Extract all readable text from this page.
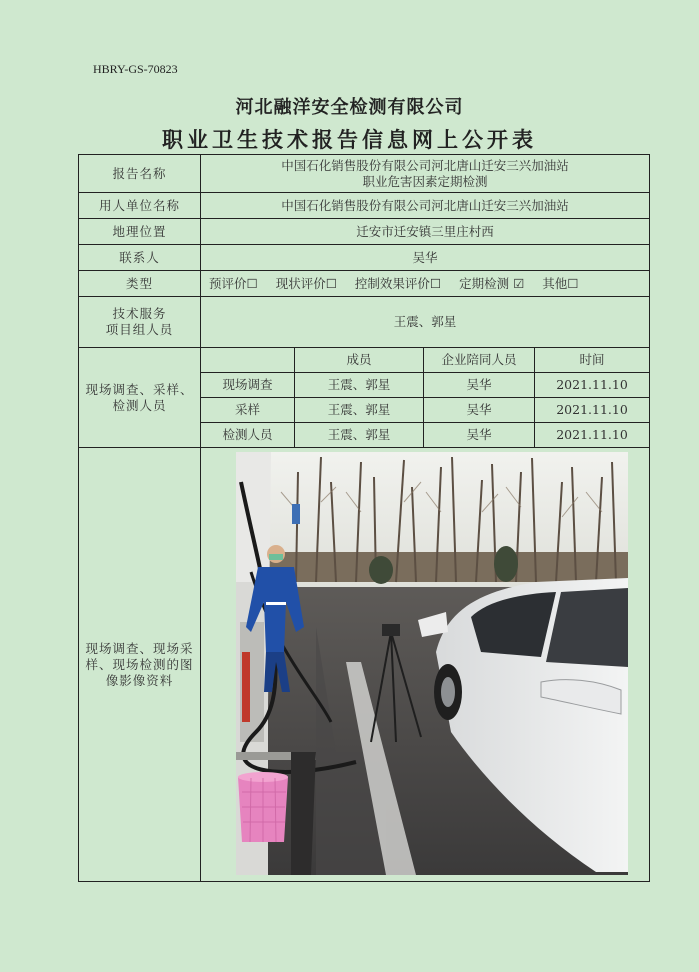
HBRY-GS-70823
河北融洋安全检测有限公司
职业卫生技术报告信息网上公开表
报告名称	中国石化销售股份有限公司河北唐山迁安三兴加油站
职业危害因素定期检测			

用人单位名称	中国石化销售股份有限公司河北唐山迁安三兴加油站			
地理位置	迁安市迁安镇三里庄村西			
联系人	吴华			
类型	预评价☐ 现状评价☐ 控制效果评价☐ 定期检测 ☑ 其他☐			

技术服务
项目组人员	王震、郭星			

现场调查、采样、
检测人员		成员	企业陪同人员	时间
	现场调查	王震、郭星	吴华	2021.11.10
	采样	王震、郭星	吴华	2021.11.10
	检测人员	王震、郭星	吴华	2021.11.10

现场调查、现场采
样、现场检测的图
像影像资料
